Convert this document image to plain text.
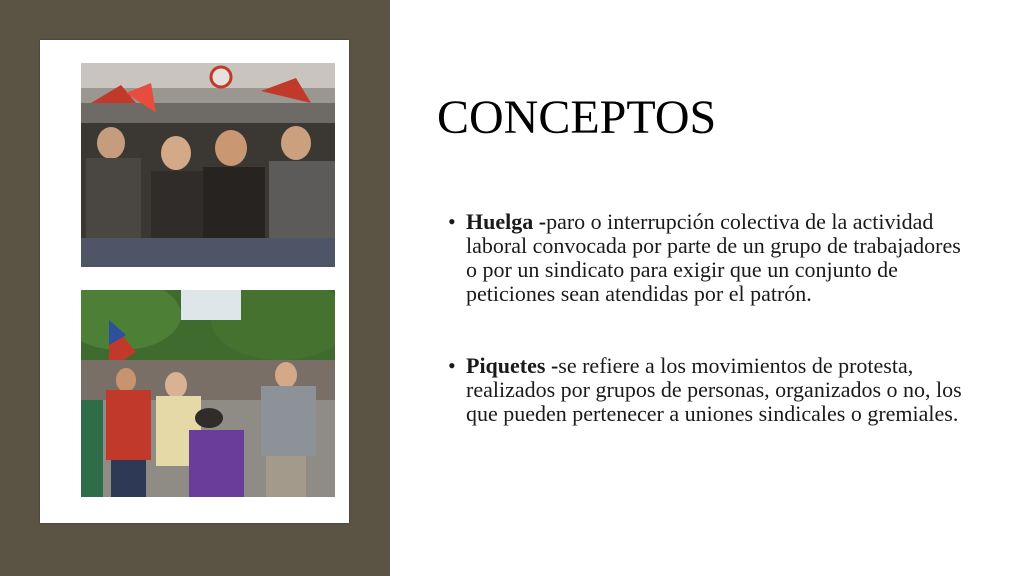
CONCEPTOS
• Huelga -paro o interrupción colectiva de la actividad laboral convocada por parte de un grupo de trabajadores o por un sindicato para exigir que un conjunto de peticiones sean atendidas por el patrón.
• Piquetes -se refiere a los movimientos de protesta, realizados por grupos de personas, organizados o no, los que pueden pertenecer a uniones sindicales o gremiales.
